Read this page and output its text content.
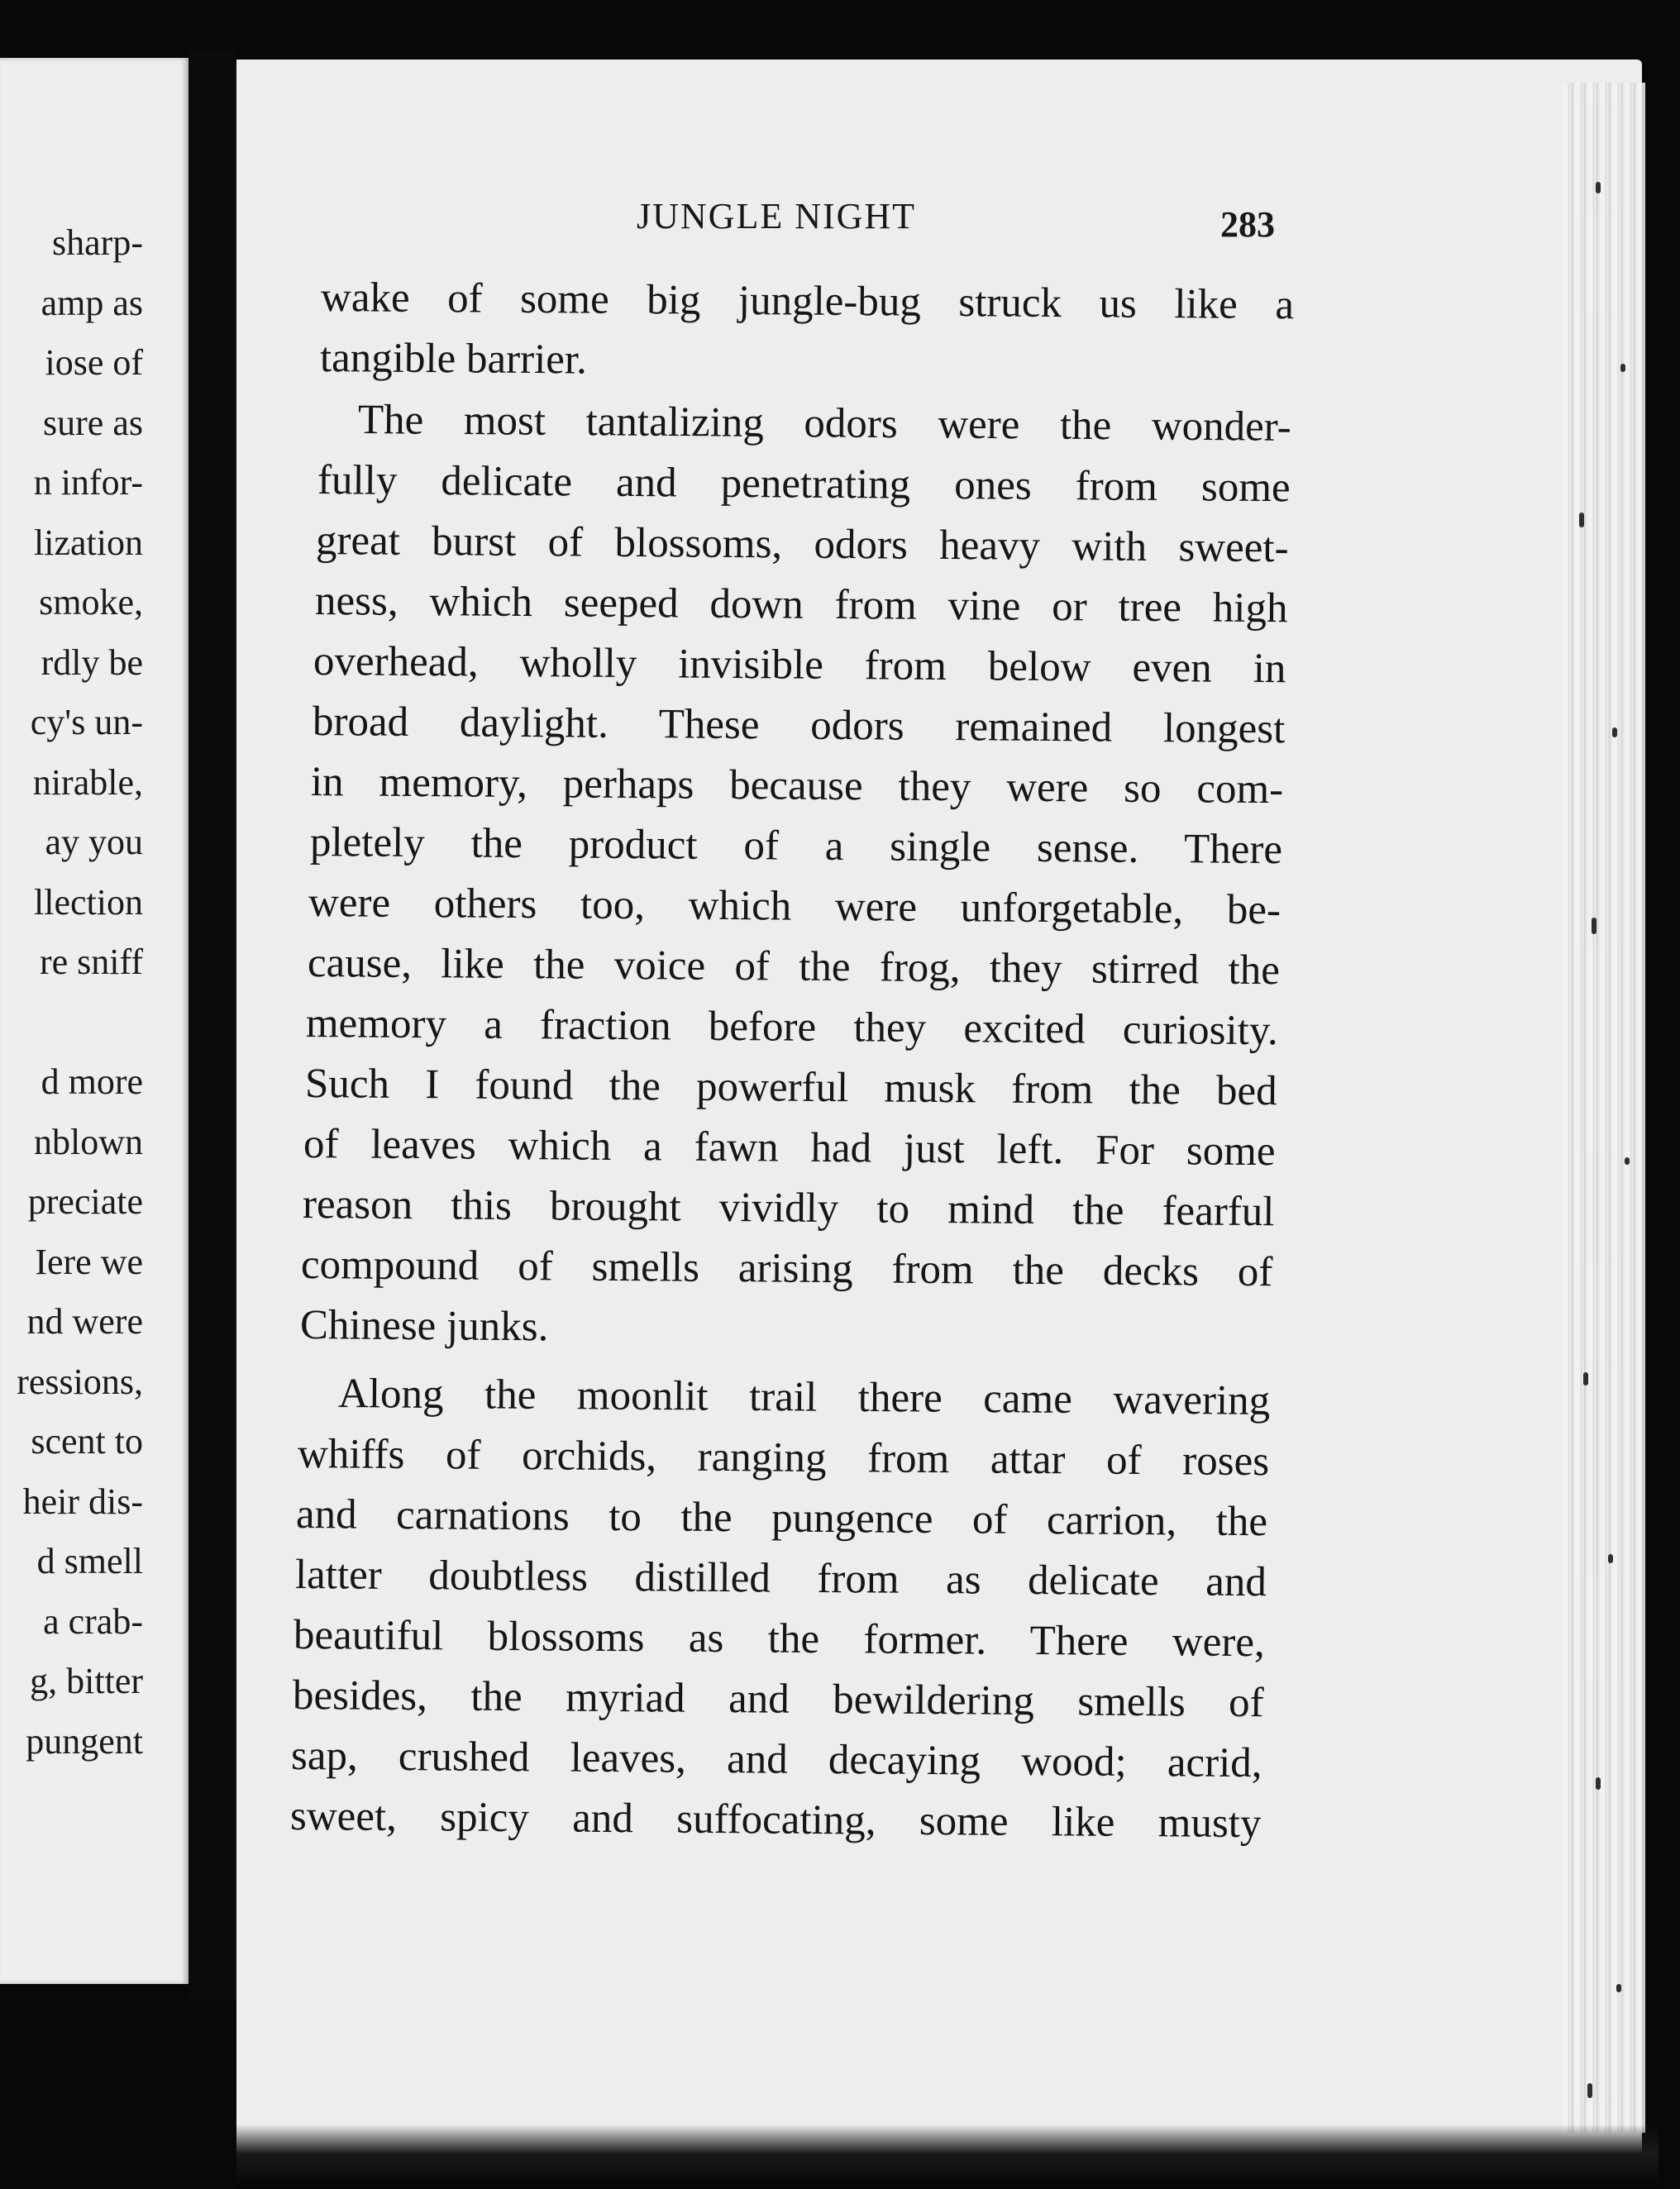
sharp-
amp as
iose of
sure as
n infor-
lization
smoke,
rdly be
cy's un-
nirable,
ay you
llection
re sniff
d more
nblown
preciate
Iere we
nd were
ressions,
scent to
heir dis-
d smell
a crab-
g, bitter
pungent
JUNGLE NIGHT	283
wake of some big jungle-bug struck us like a
tangible barrier.
The most tantalizing odors were the wonder-
fully delicate and penetrating ones from some
great burst of blossoms, odors heavy with sweet-
ness, which seeped down from vine or tree high
overhead, wholly invisible from below even in
broad daylight. These odors remained longest
in memory, perhaps because they were so com-
pletely the product of a single sense. There
were others too, which were unforgetable, be-
cause, like the voice of the frog, they stirred the
memory a fraction before they excited curiosity.
Such I found the powerful musk from the bed
of leaves which a fawn had just left. For some
reason this brought vividly to mind the fearful
compound of smells arising from the decks of
Chinese junks.
Along the moonlit trail there came wavering
whiffs of orchids, ranging from attar of roses
and carnations to the pungence of carrion, the
latter doubtless distilled from as delicate and
beautiful blossoms as the former. There were,
besides, the myriad and bewildering smells of
sap, crushed leaves, and decaying wood; acrid,
sweet, spicy and suffocating, some like musty
